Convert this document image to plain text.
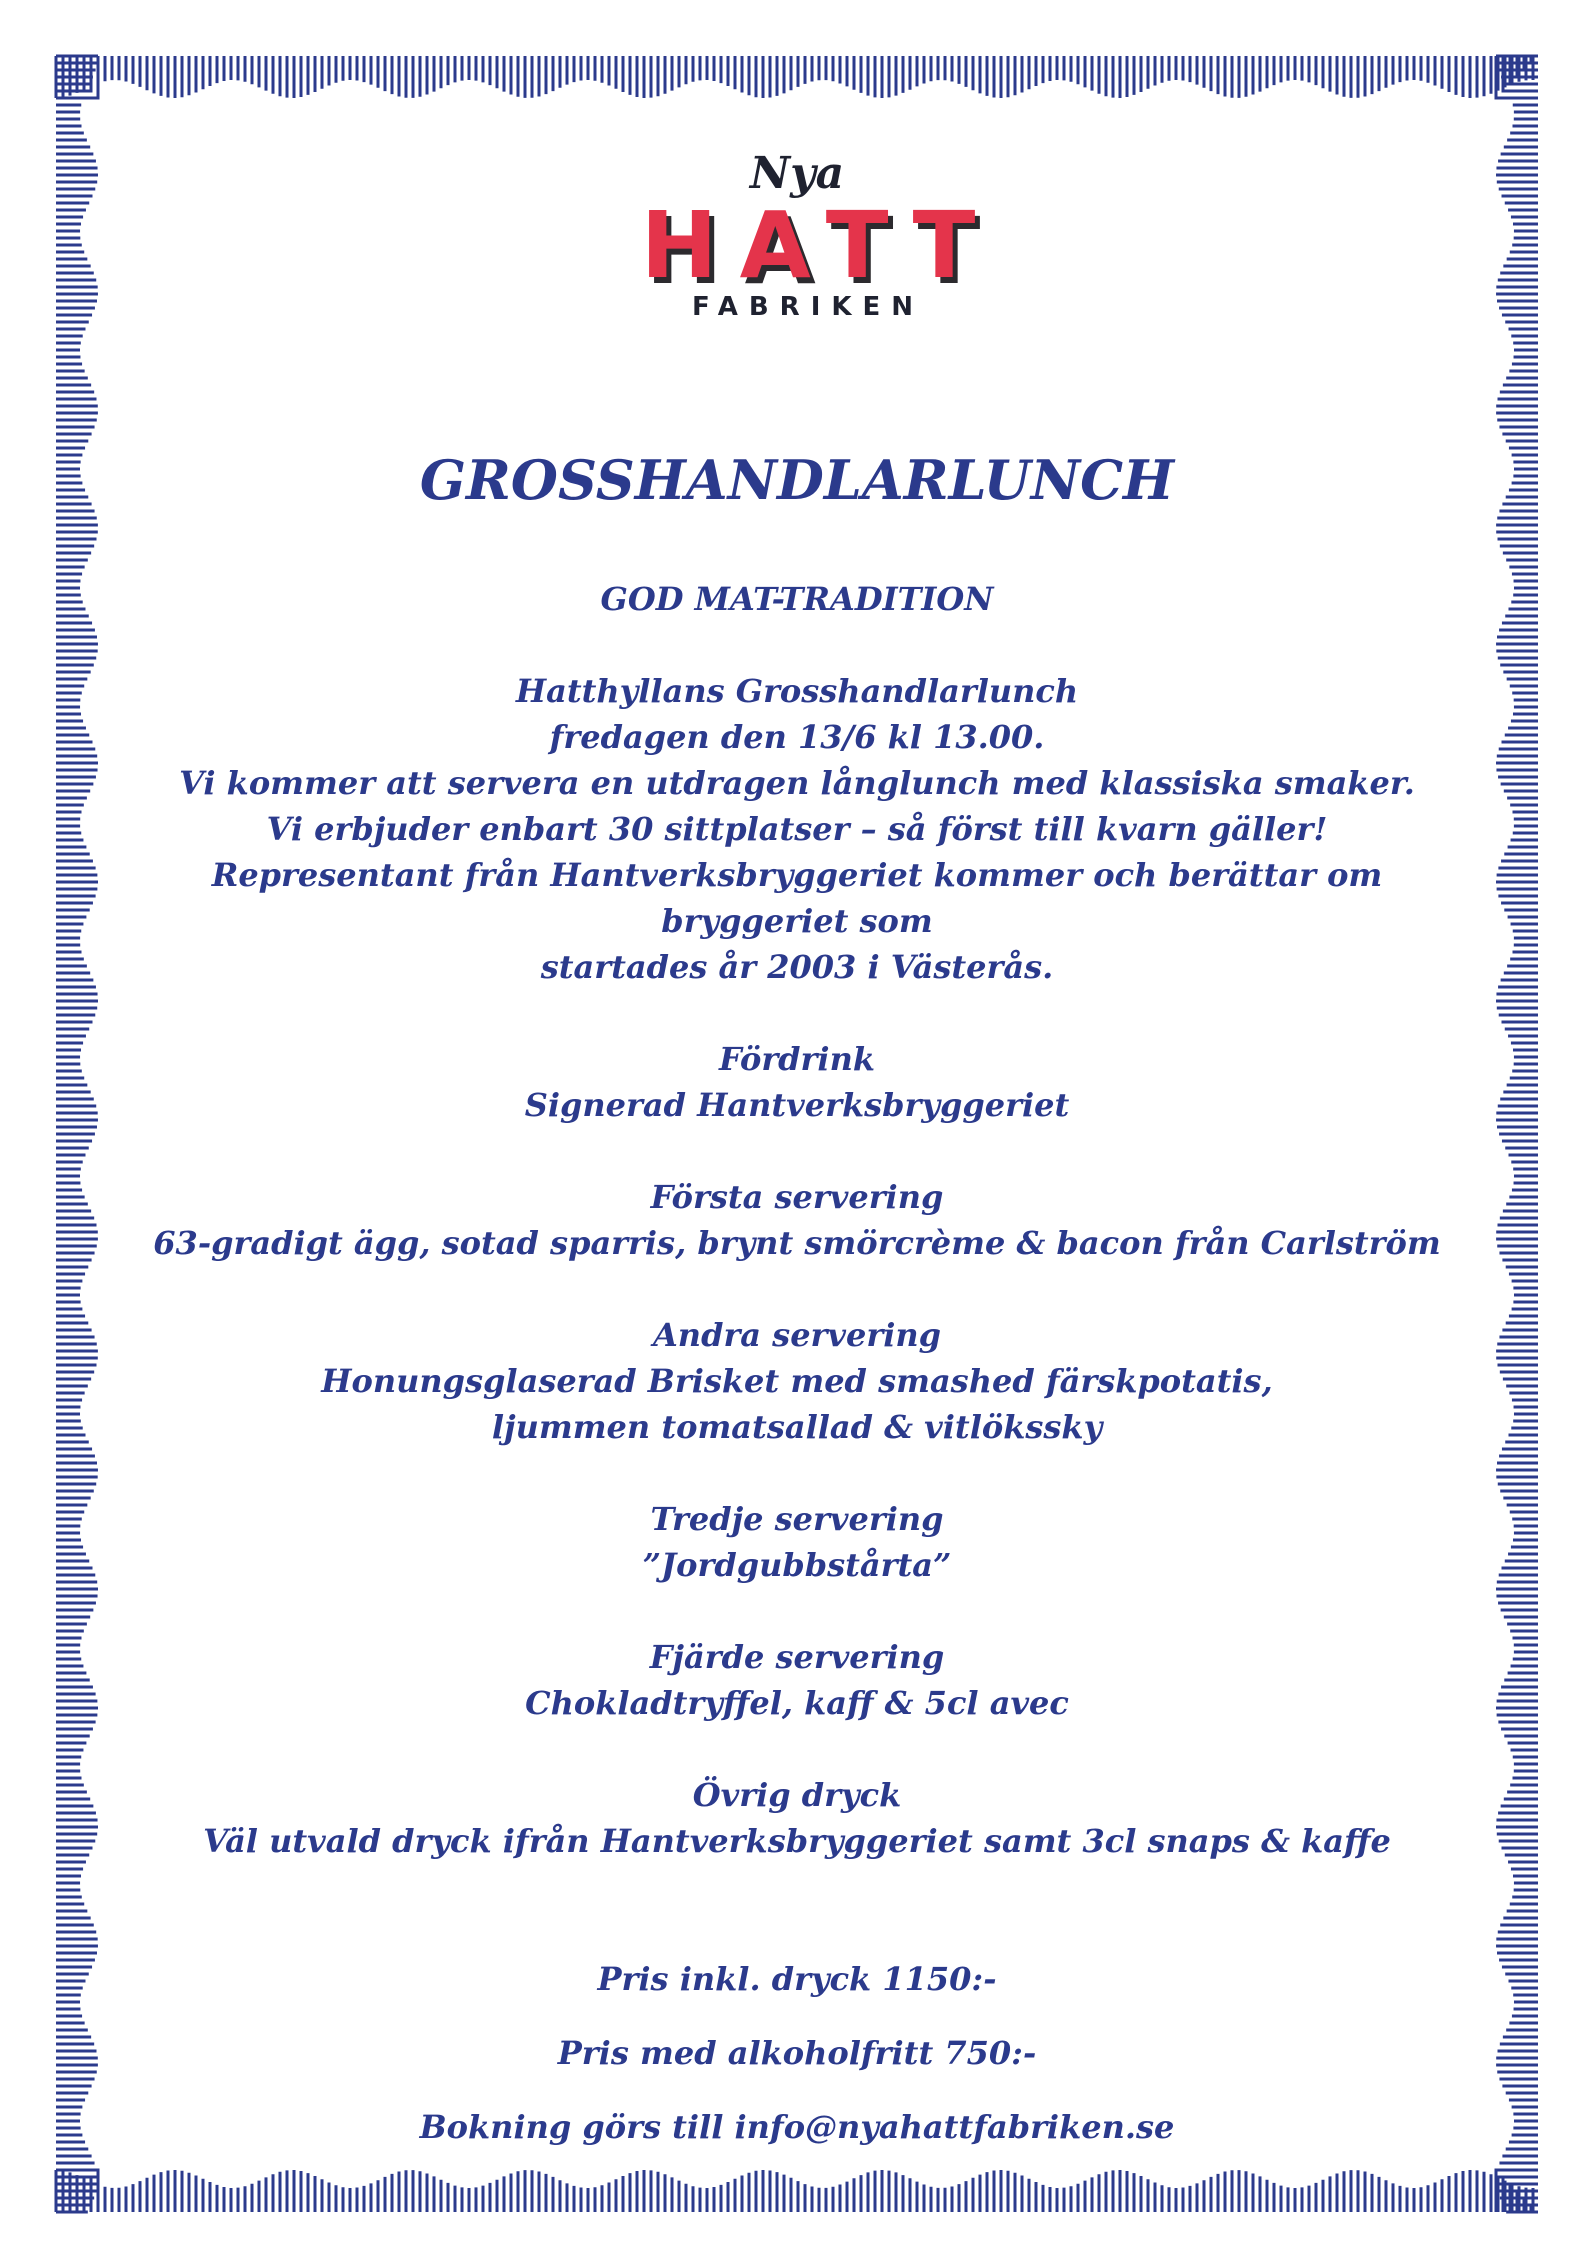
Nya
HATT
FABRIKEN
GROSSHANDLARLUNCH
GOD MAT-TRADITION
Hatthyllans Grosshandlarlunch
fredagen den 13/6 kl 13.00.
Vi kommer att servera en utdragen långlunch med klassiska smaker.
Vi erbjuder enbart 30 sittplatser – så först till kvarn gäller!
Representant från Hantverksbryggeriet kommer och berättar om bryggeriet som
startades år 2003 i Västerås.
Fördrink
Signerad Hantverksbryggeriet
Första servering
63-gradigt ägg, sotad sparris, brynt smörcrème & bacon från Carlström
Andra servering
Honungsglaserad Brisket med smashed färskpotatis,
ljummen tomatsallad & vitlökssky
Tredje servering
”Jordgubbstårta”
Fjärde servering
Chokladtryffel, kaff & 5cl avec
Övrig dryck
Väl utvald dryck ifrån Hantverksbryggeriet samt 3cl snaps & kaffe
Pris inkl. dryck 1150:-
Pris med alkoholfritt 750:-
Bokning görs till info@nyahattfabriken.se
